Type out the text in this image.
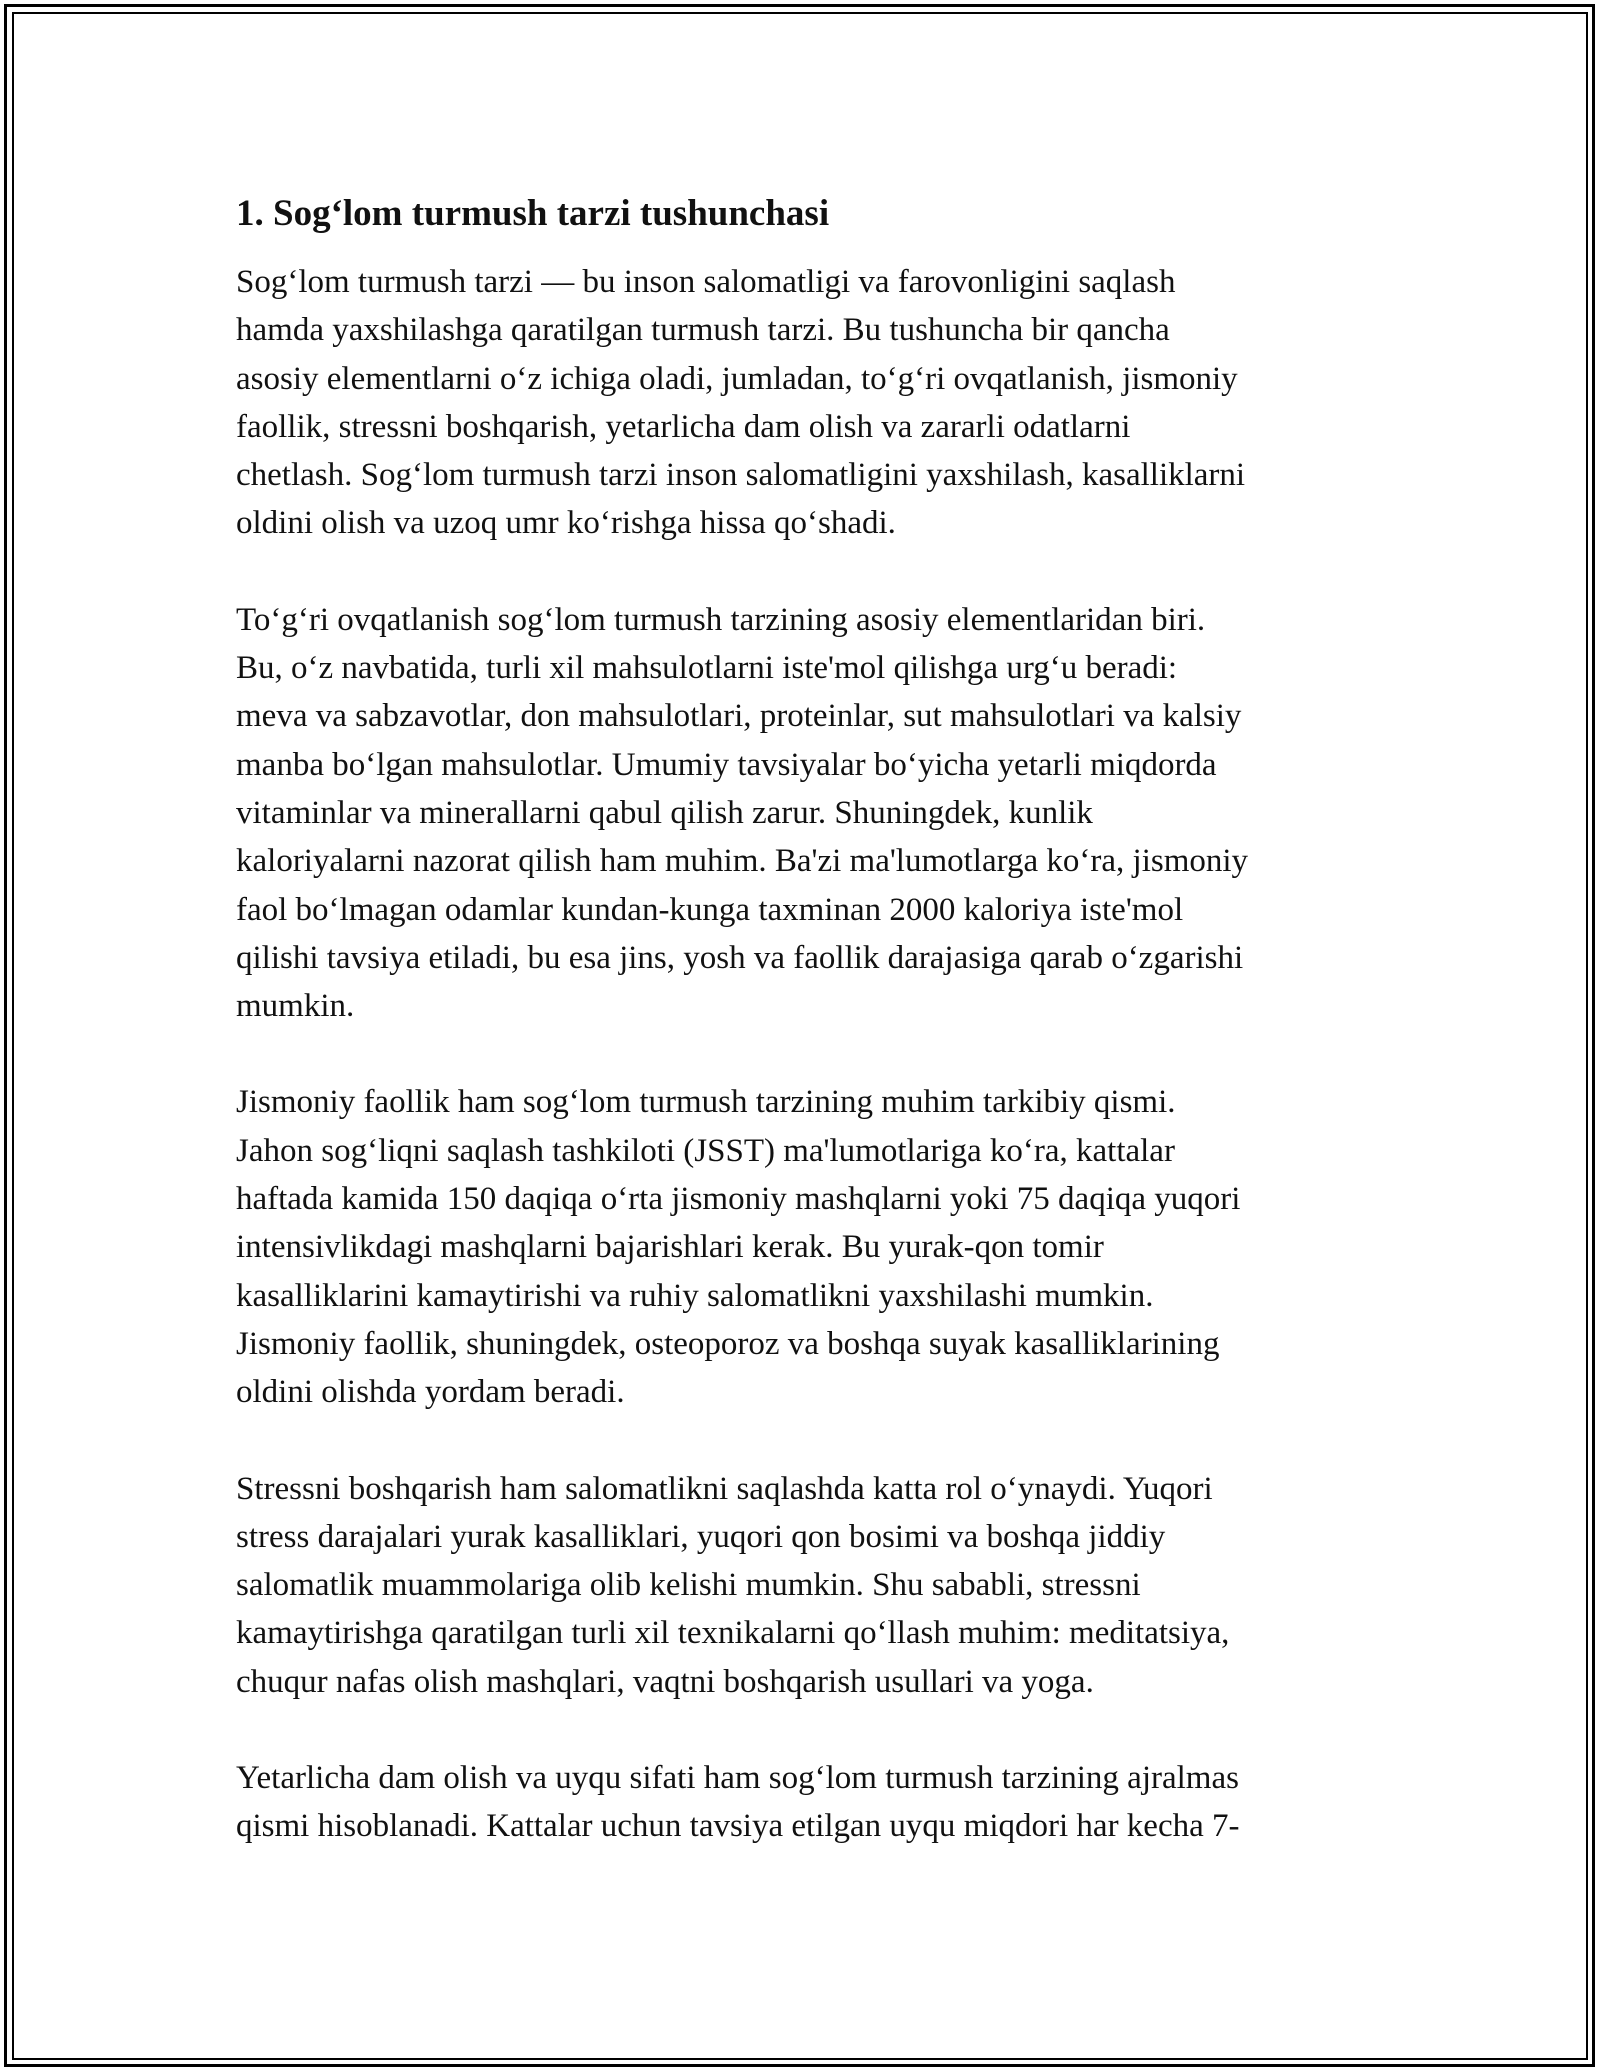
1. Sog‘lom turmush tarzi tushunchasi
Sog‘lom turmush tarzi — bu inson salomatligi va farovonligini saqlash
hamda yaxshilashga qaratilgan turmush tarzi. Bu tushuncha bir qancha
asosiy elementlarni o‘z ichiga oladi, jumladan, to‘g‘ri ovqatlanish, jismoniy
faollik, stressni boshqarish, yetarlicha dam olish va zararli odatlarni
chetlash. Sog‘lom turmush tarzi inson salomatligini yaxshilash, kasalliklarni
oldini olish va uzoq umr ko‘rishga hissa qo‘shadi.
To‘g‘ri ovqatlanish sog‘lom turmush tarzining asosiy elementlaridan biri.
Bu, o‘z navbatida, turli xil mahsulotlarni iste'mol qilishga urg‘u beradi:
meva va sabzavotlar, don mahsulotlari, proteinlar, sut mahsulotlari va kalsiy
manba bo‘lgan mahsulotlar. Umumiy tavsiyalar bo‘yicha yetarli miqdorda
vitaminlar va minerallarni qabul qilish zarur. Shuningdek, kunlik
kaloriyalarni nazorat qilish ham muhim. Ba'zi ma'lumotlarga ko‘ra, jismoniy
faol bo‘lmagan odamlar kundan-kunga taxminan 2000 kaloriya iste'mol
qilishi tavsiya etiladi, bu esa jins, yosh va faollik darajasiga qarab o‘zgarishi
mumkin.
Jismoniy faollik ham sog‘lom turmush tarzining muhim tarkibiy qismi.
Jahon sog‘liqni saqlash tashkiloti (JSST) ma'lumotlariga ko‘ra, kattalar
haftada kamida 150 daqiqa o‘rta jismoniy mashqlarni yoki 75 daqiqa yuqori
intensivlikdagi mashqlarni bajarishlari kerak. Bu yurak-qon tomir
kasalliklarini kamaytirishi va ruhiy salomatlikni yaxshilashi mumkin.
Jismoniy faollik, shuningdek, osteoporoz va boshqa suyak kasalliklarining
oldini olishda yordam beradi.
Stressni boshqarish ham salomatlikni saqlashda katta rol o‘ynaydi. Yuqori
stress darajalari yurak kasalliklari, yuqori qon bosimi va boshqa jiddiy
salomatlik muammolariga olib kelishi mumkin. Shu sababli, stressni
kamaytirishga qaratilgan turli xil texnikalarni qo‘llash muhim: meditatsiya,
chuqur nafas olish mashqlari, vaqtni boshqarish usullari va yoga.
Yetarlicha dam olish va uyqu sifati ham sog‘lom turmush tarzining ajralmas
qismi hisoblanadi. Kattalar uchun tavsiya etilgan uyqu miqdori har kecha 7-
